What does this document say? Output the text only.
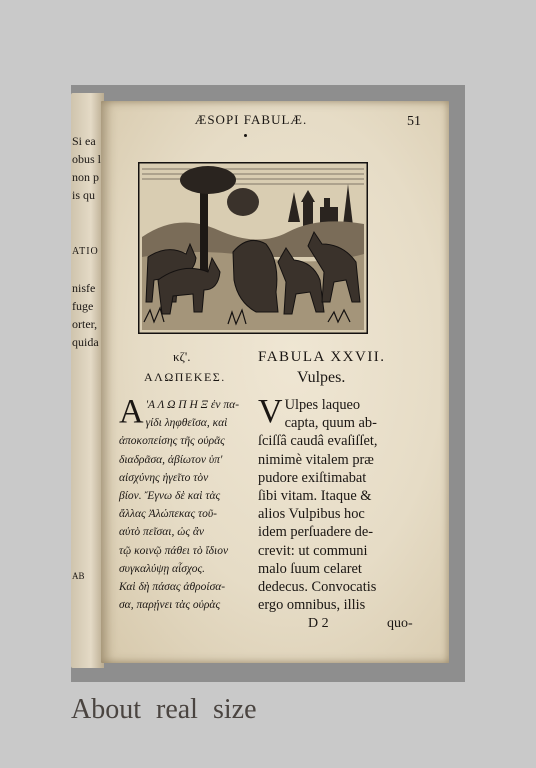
Si ea
obus l
non p
is qu
ATIO
nisfe
fuge
orter,
quida
AB
ÆSOPI FABULÆ.	51
κζ'.
ΑΛΩΠΕΚΕΣ.
FABULA XXVII.
Vulpes.
Α 'Α Λ Ω Π Η Ξ ἐν πα-
γίδι ληφθεῖσα, καὶ
ἀποκοπείσης τῆς οὐρᾶς
διαδρᾶσα, ἀβίωτον ὑπ'
αἰσχύνης ἡγεῖτο τὸν
βίον. Ἔγνω δὲ καὶ τὰς
ἄλλας Ἀλώπεκας τοῦ-
αὐτὸ πεῖσαι, ὡς ἂν
τῷ κοινῷ πάθει τὸ ἴδιον
συγκαλύψῃ αἶσχος.
Καὶ δὴ πάσας ἀθροίσα-
σα, παρῄνει τὰς οὐρὰς
V Ulpes laqueo
capta, quum ab-
ſciſſâ caudâ evaſiſſet,
nimimè vitalem præ
pudore exiſtimabat
ſibi vitam. Itaque &
alios Vulpibus hoc
idem perſuadere de-
crevit: ut communi
malo ſuum celaret
dedecus. Convocatis
ergo omnibus, illis
D 2	quo-
About real size
